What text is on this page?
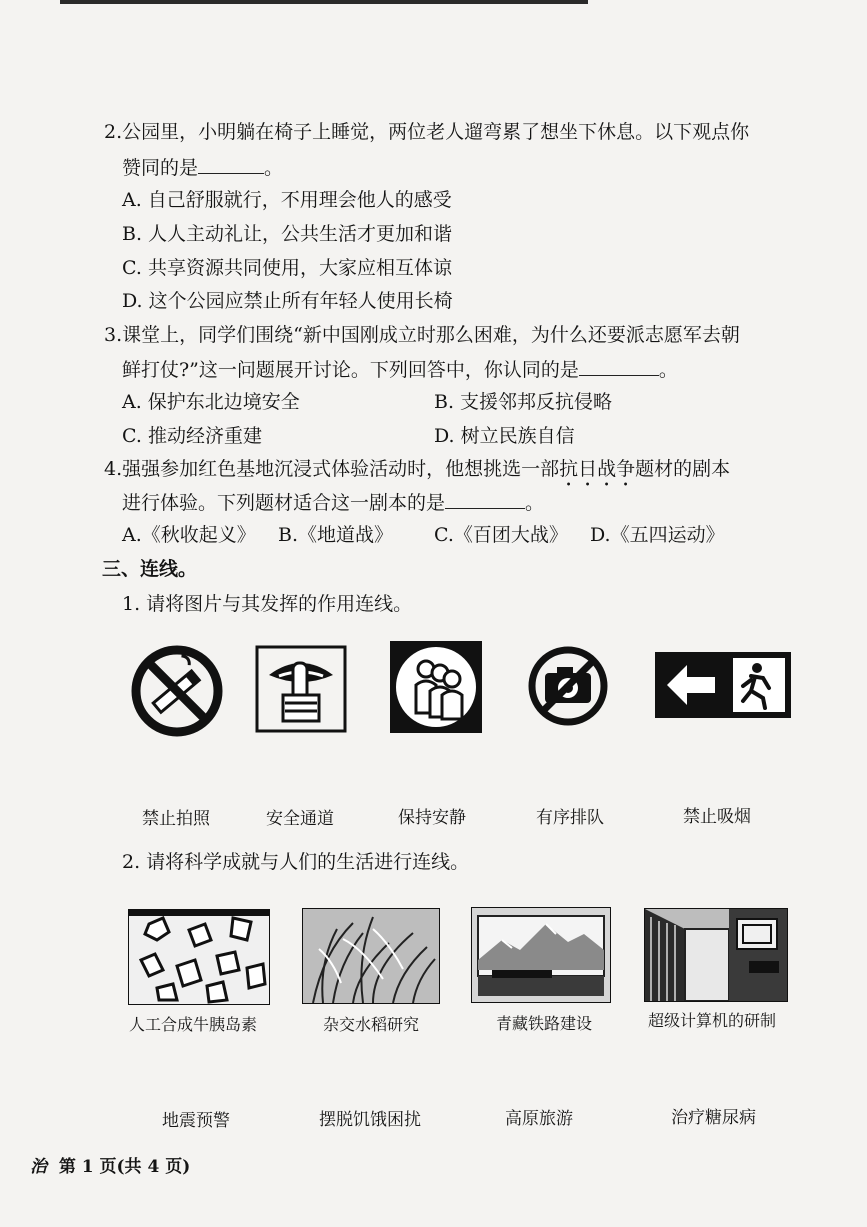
2.公园里，小明躺在椅子上睡觉，两位老人遛弯累了想坐下休息。以下观点你
赞同的是	。
A. 自己舒服就行，不用理会他人的感受
B. 人人主动礼让，公共生活才更加和谐
C. 共享资源共同使用，大家应相互体谅
D. 这个公园应禁止所有年轻人使用长椅
3.课堂上，同学们围绕“新中国刚成立时那么困难，为什么还要派志愿军去朝
鲜打仗?”这一问题展开讨论。下列回答中，你认同的是	。
A. 保护东北边境安全	B. 支援邻邦反抗侵略
C. 推动经济重建	D. 树立民族自信
4.强强参加红色基地沉浸式体验活动时，他想挑选一部抗日战争题材的剧本
进行体验。下列题材适合这一剧本的是	。
A.《秋收起义》 B.《地道战》 C.《百团大战》 D.《五四运动》
三、连线。
1. 请将图片与其发挥的作用连线。
禁止拍照	安全通道	保持安静	有序排队	禁止吸烟
2. 请将科学成就与人们的生活进行连线。
人工合成牛胰岛素	杂交水稻研究	青藏铁路建设	超级计算机的研制
地震预警	摆脱饥饿困扰	高原旅游	治疗糖尿病
治 第 1 页(共 4 页)
